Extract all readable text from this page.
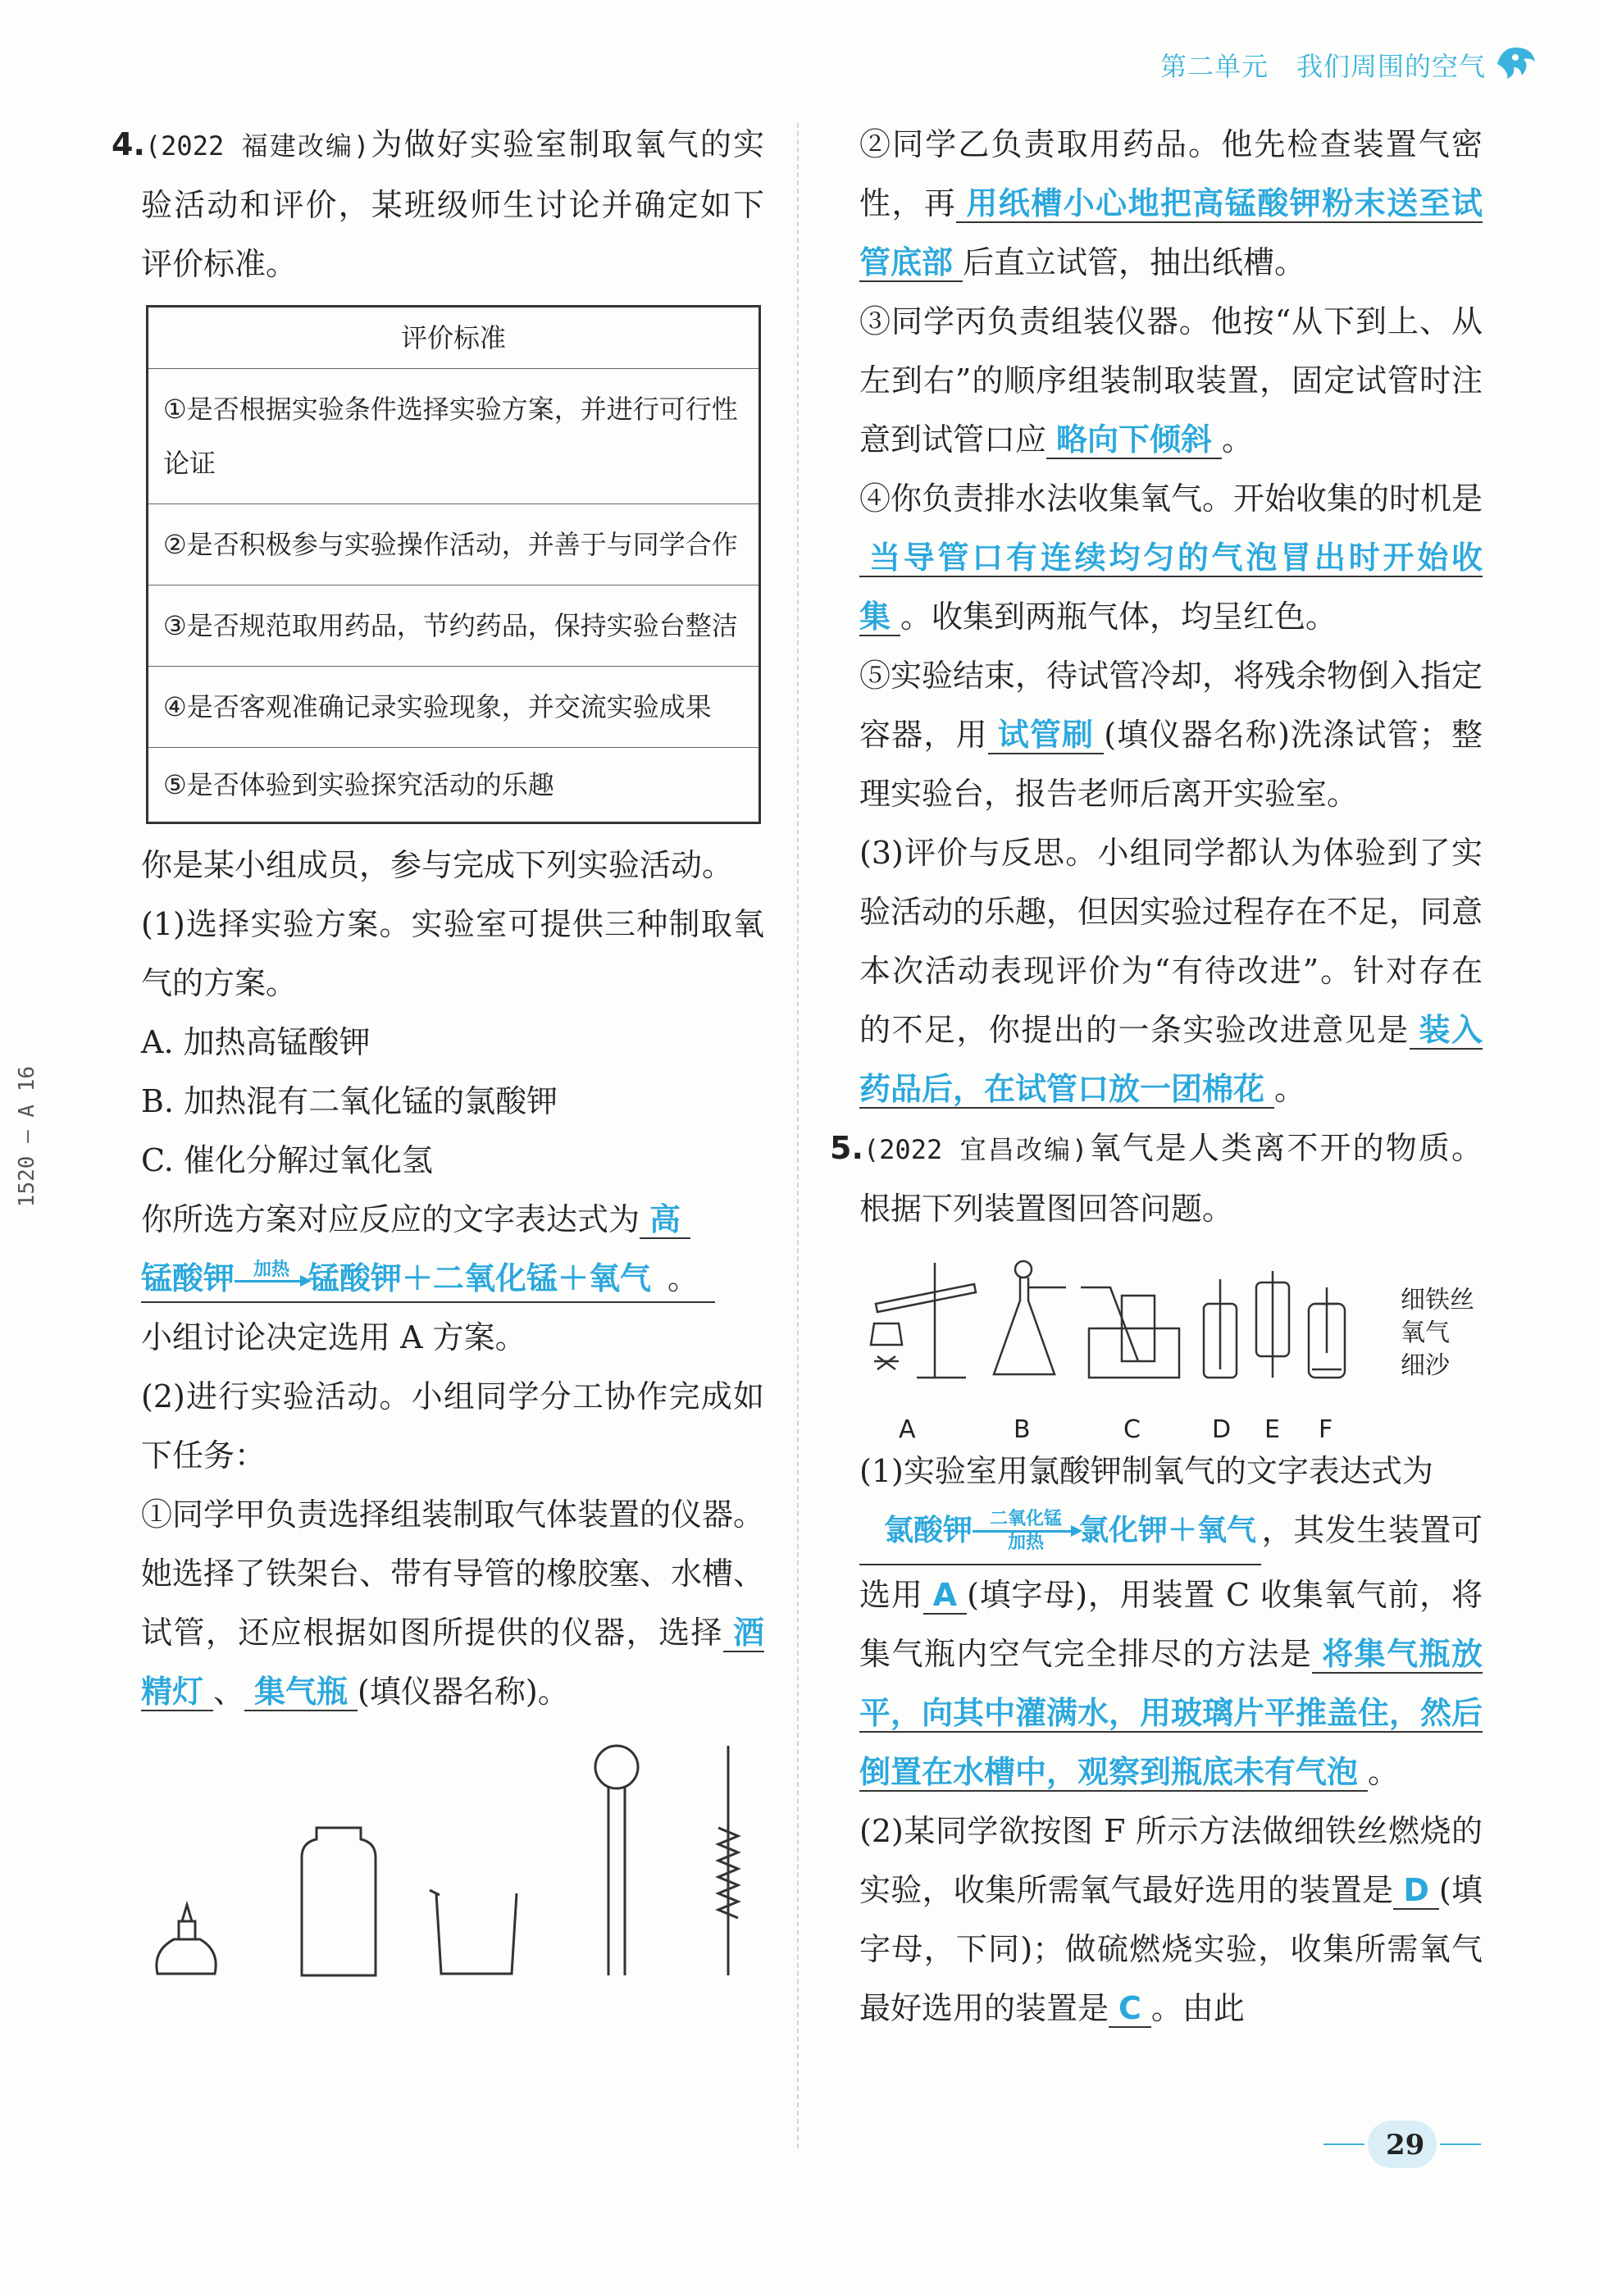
第二单元 我们周围的空气
1520 — A 16

4.(2022 福建改编)为做好实验室制取氧气的实验活动和评价，某班级师生讨论并确定如下评价标准。

评价标准
①是否根据实验条件选择实验方案，并进行可行性论证
②是否积极参与实验操作活动，并善于与同学合作
③是否规范取用药品，节约药品，保持实验台整洁
④是否客观准确记录实验现象，并交流实验成果
⑤是否体验到实验探究活动的乐趣

你是某小组成员，参与完成下列实验活动。

(1)选择实验方案。实验室可提供三种制取氧气的方案。

A. 加热高锰酸钾

B. 加热混有二氧化锰的氯酸钾

C. 催化分解过氧化氢

你所选方案对应反应的文字表达式为 高

锰酸钾	加热
锰酸钾＋二氧化锰＋氧气 。

小组讨论决定选用 A 方案。

(2)进行实验活动。小组同学分工协作完成如下任务：

①同学甲负责选择组装制取气体装置的仪器。她选择了铁架台、带有导管的橡胶塞、水槽、试管，还应根据如图所提供的仪器，选择 酒精灯 、 集气瓶 (填仪器名称)。

②同学乙负责取用药品。他先检查装置气密性，再 用纸槽小心地把高锰酸钾粉末送至试管底部 后直立试管，抽出纸槽。

③同学丙负责组装仪器。他按“从下到上、从左到右”的顺序组装制取装置，固定试管时注意到试管口应 略向下倾斜 。

④你负责排水法收集氧气。开始收集的时机是当导管口有连续均匀的气泡冒出时开始收集 。收集到两瓶气体，均呈红色。

⑤实验结束，待试管冷却，将残余物倒入指定容器，用 试管刷 (填仪器名称)洗涤试管；整理实验台，报告老师后离开实验室。

(3)评价与反思。小组同学都认为体验到了实验活动的乐趣，但因实验过程存在不足，同意本次活动表现评价为“有待改进”。针对存在的不足，你提出的一条实验改进意见是 装入药品后，在试管口放一团棉花 。

5.(2022 宜昌改编)氧气是人类离不开的物质。根据下列装置图回答问题。

细铁丝
氧气
细沙
A	B	C	D E F

(1)实验室用氯酸钾制氧气的文字表达式为
氯酸钾 二氧化锰
加热	氯化钾＋氧气 ，其发生装置可选用 A (填字母)，用装置 C 收集氧气前，将集气瓶内空气完全排尽的方法是 将集气瓶放平，向其中灌满水，用玻璃片平推盖住，然后倒置在水槽中，观察到瓶底未有气泡 。

(2)某同学欲按图 F 所示方法做细铁丝燃烧的实验，收集所需氧气最好选用的装置是 D (填字母，下同)；做硫燃烧实验，收集所需氧气最好选用的装置是 C 。由此

29
